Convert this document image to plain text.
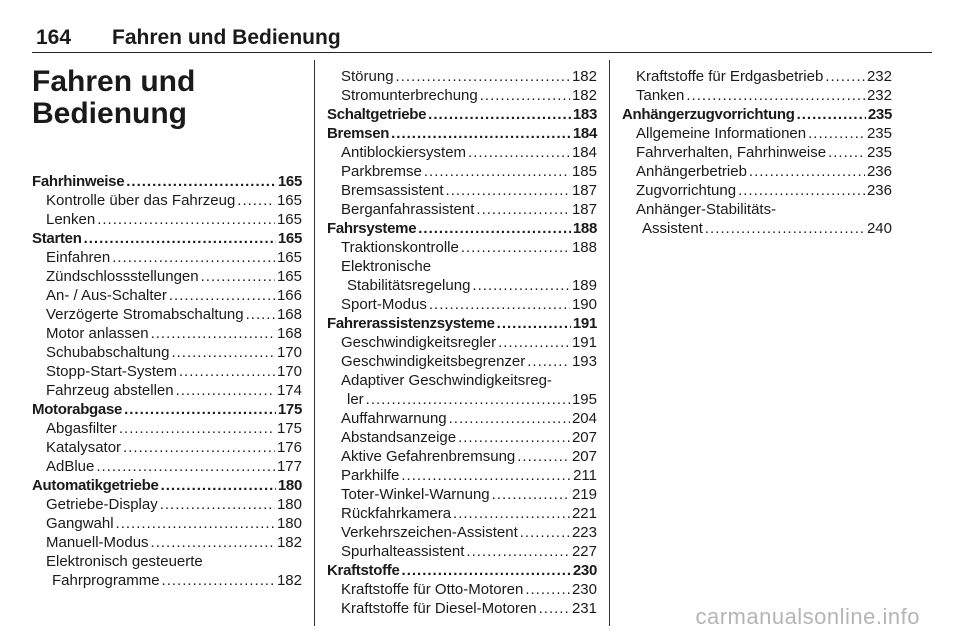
164 Fahren und Bedienung
Fahren und Bedienung
Fahrhinweise .....	165
Kontrolle über das Fahrzeug .....	165
Lenken .....	165
Starten .....	165
Einfahren .....	165
Zündschlossstellungen .....	165
An- / Aus-Schalter .....	166
Verzögerte Stromabschaltung ..... 168
Motor anlassen .....	168
Schubabschaltung .....	170
Stopp-Start-System .....	170
Fahrzeug abstellen .....	174
Motorabgase .....	175
Abgasfilter .....	175
Katalysator .....	176
AdBlue .....	177
Automatikgetriebe .....	180
Getriebe-Display .....	180
Gangwahl .....	180
Manuell-Modus .....	182
Elektronisch gesteuerte
Fahrprogramme .....	182
Störung .....	182
Stromunterbrechung .....	182
Schaltgetriebe .....	183
Bremsen .....	184
Antiblockiersystem .....	184
Parkbremse .....	185
Bremsassistent .....	187
Berganfahrassistent .....	187
Fahrsysteme .....	188
Traktionskontrolle .....	188
Elektronische
Stabilitätsregelung .....	189
Sport-Modus .....	190
Fahrerassistenzsysteme .....	191
Geschwindigkeitsregler .....	191
Geschwindigkeitsbegrenzer .....	193
Adaptiver Geschwindigkeitsreg-
ler .....	195
Auffahrwarnung .....	204
Abstandsanzeige .....	207
Aktive Gefahrenbremsung .....	207
Parkhilfe .....	211
Toter-Winkel-Warnung .....	219
Rückfahrkamera .....	221
Verkehrszeichen-Assistent .....	223
Spurhalteassistent .....	227
Kraftstoffe .....	230
Kraftstoffe für Otto-Motoren .....	230
Kraftstoffe für Diesel-Motoren ..... 231
Kraftstoffe für Erdgasbetrieb .....	232
Tanken .....	232
Anhängerzugvorrichtung .....	235
Allgemeine Informationen .....	235
Fahrverhalten, Fahrhinweise .....	235
Anhängerbetrieb .....	236
Zugvorrichtung .....	236
Anhänger-Stabilitäts-
Assistent .....	240
carmanualsonline.info
